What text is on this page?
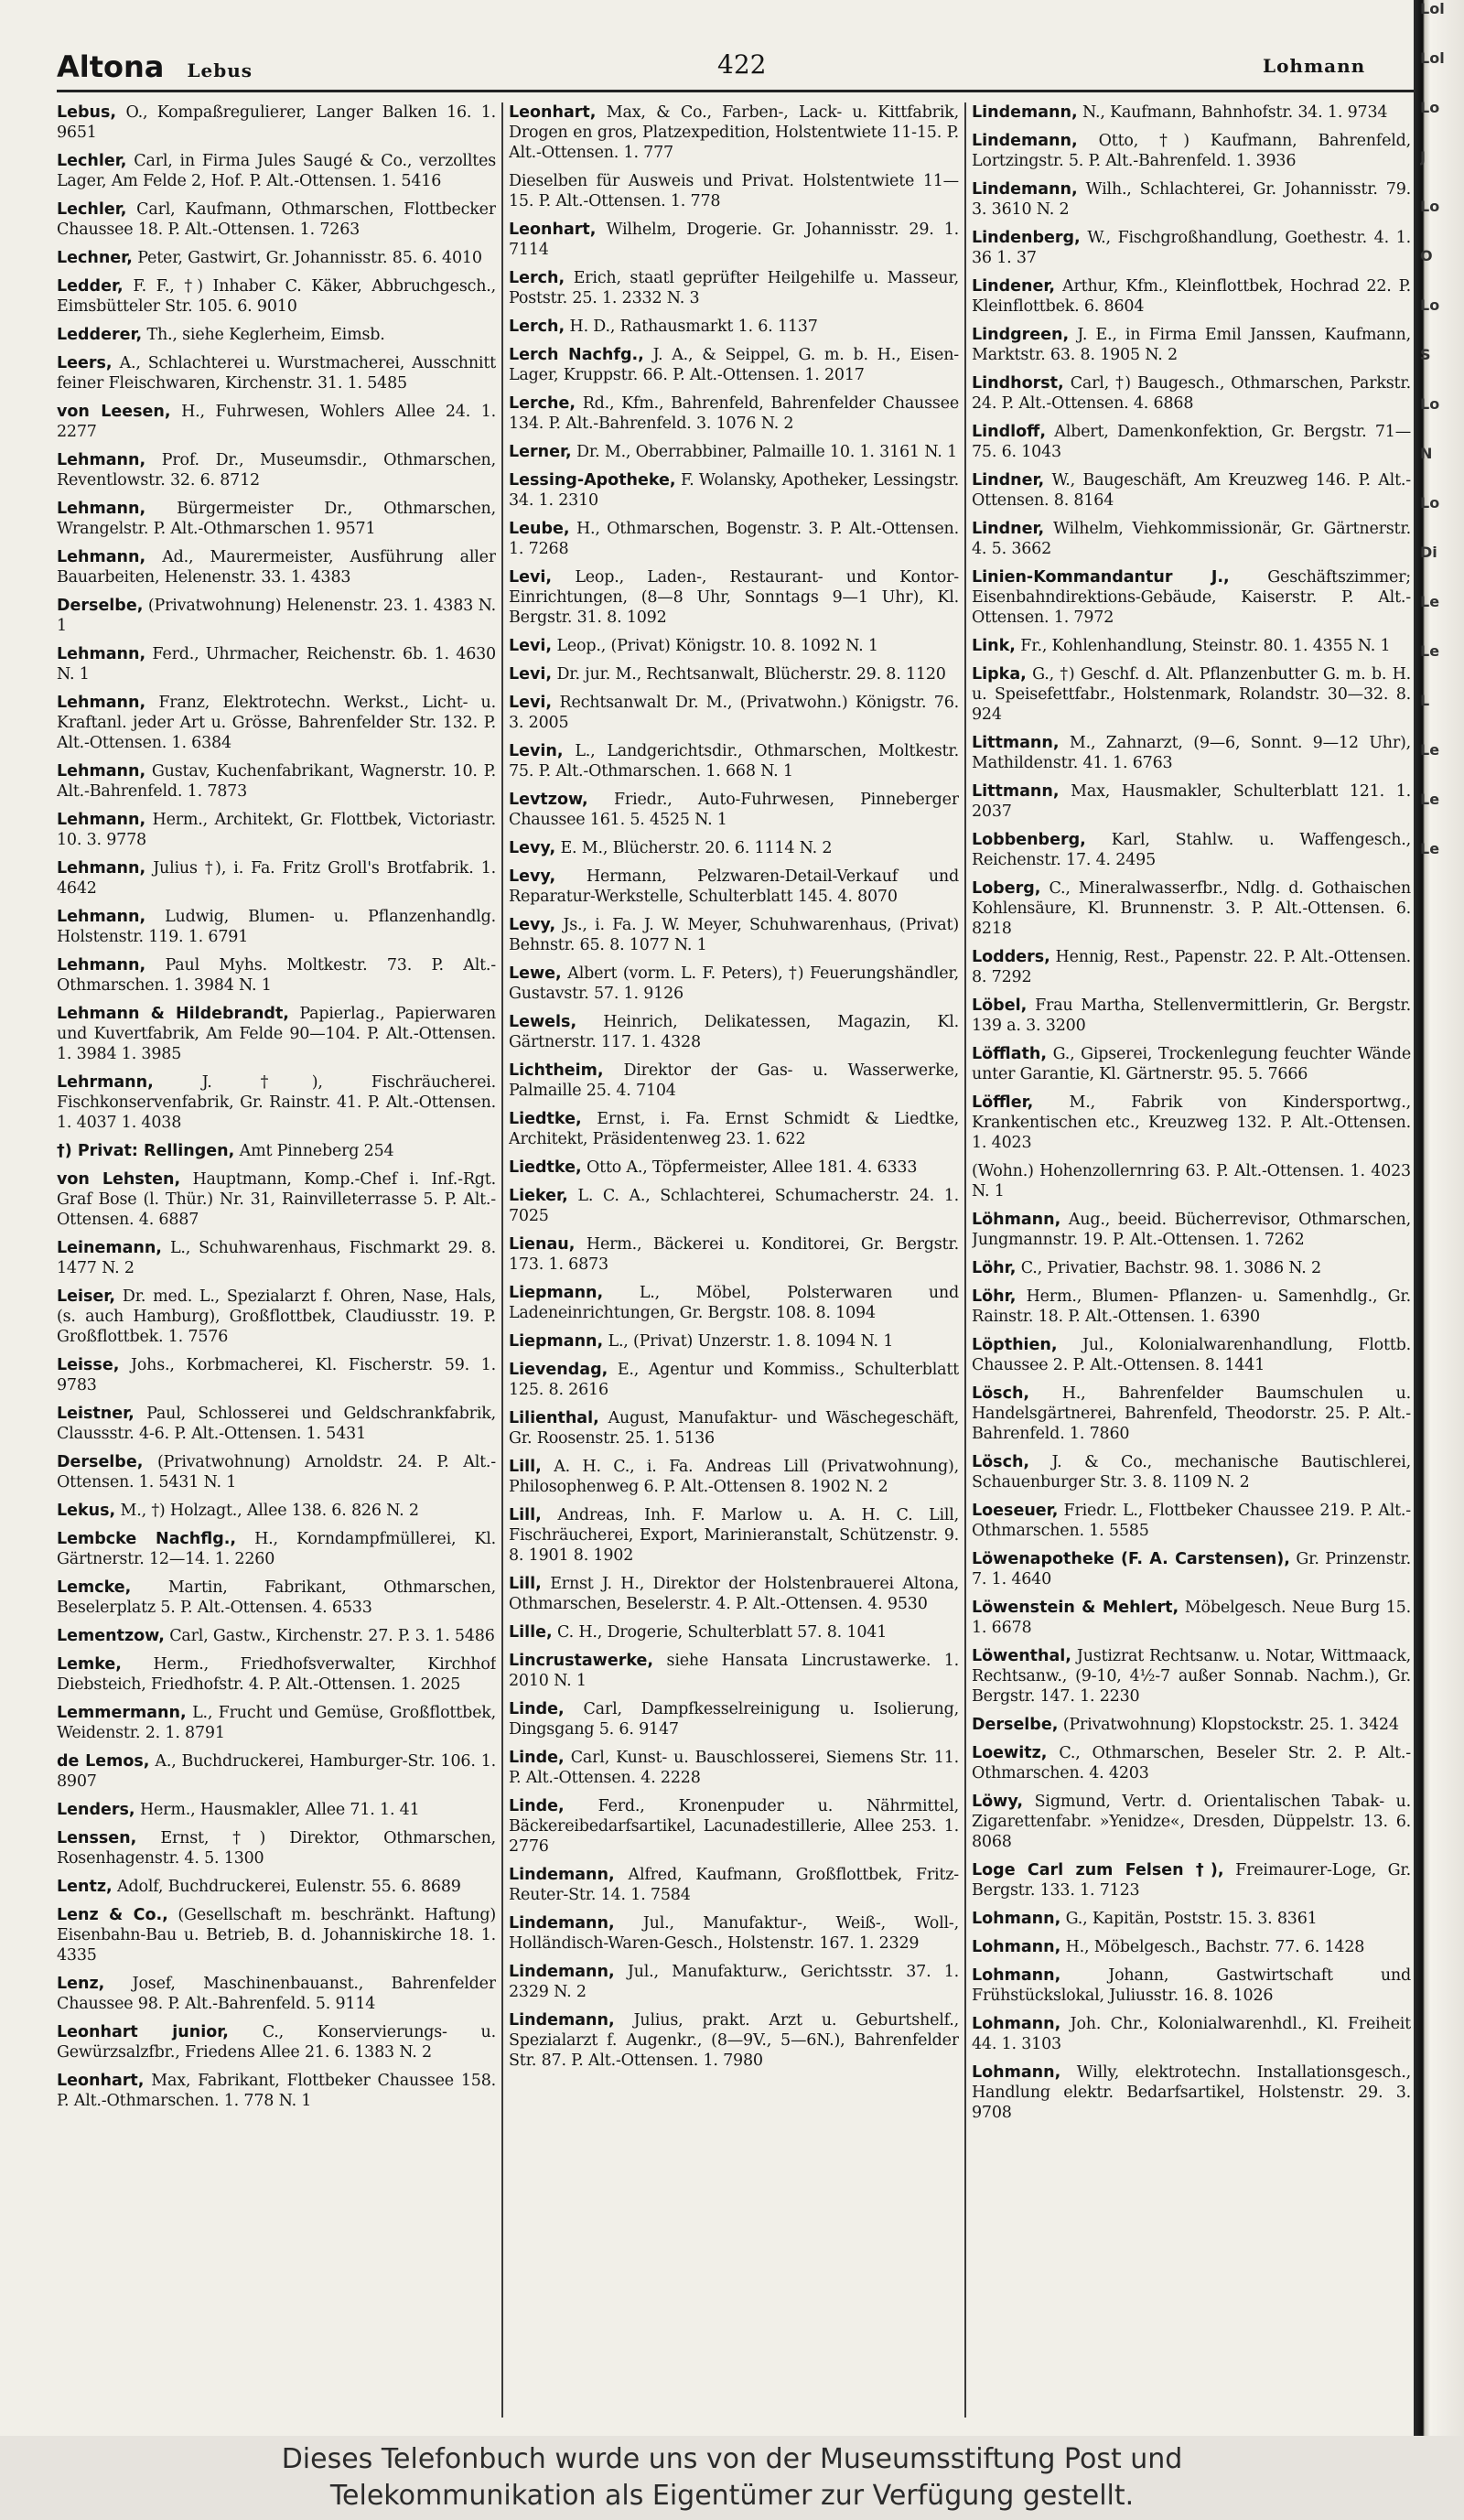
Altona Lebus	422	Lohmann
Lebus, O., Kompaßregulierer, Langer Balken 16. 1. 9651
Lechler, Carl, in Firma Jules Saugé & Co., verzolltes Lager, Am Felde 2, Hof. P. Alt.-Ottensen. 1. 5416
Lechler, Carl, Kaufmann, Othmarschen, Flottbecker Chaussee 18. P. Alt.-Ottensen. 1. 7263
Lechner, Peter, Gastwirt, Gr. Johannisstr. 85. 6. 4010
Ledder, F. F., †) Inhaber C. Käker, Abbruchgesch., Eimsbütteler Str. 105. 6. 9010
Ledderer, Th., siehe Keglerheim, Eimsb.
Leers, A., Schlachterei u. Wurstmacherei, Ausschnitt feiner Fleischwaren, Kirchenstr. 31. 1. 5485
von Leesen, H., Fuhrwesen, Wohlers Allee 24. 1. 2277
Lehmann, Prof. Dr., Museumsdir., Othmarschen, Reventlowstr. 32. 6. 8712
Lehmann, Bürgermeister Dr., Othmarschen, Wrangelstr. P. Alt.-Othmarschen 1. 9571
Lehmann, Ad., Maurermeister, Ausführung aller Bauarbeiten, Helenenstr. 33. 1. 4383
Derselbe, (Privatwohnung) Helenenstr. 23. 1. 4383 N. 1
Lehmann, Ferd., Uhrmacher, Reichenstr. 6b. 1. 4630 N. 1
Lehmann, Franz, Elektrotechn. Werkst., Licht- u. Kraftanl. jeder Art u. Grösse, Bahrenfelder Str. 132. P. Alt.-Ottensen. 1. 6384
Lehmann, Gustav, Kuchenfabrikant, Wagnerstr. 10. P. Alt.-Bahrenfeld. 1. 7873
Lehmann, Herm., Architekt, Gr. Flottbek, Victoriastr. 10. 3. 9778
Lehmann, Julius †), i. Fa. Fritz Groll's Brotfabrik. 1. 4642
Lehmann, Ludwig, Blumen- u. Pflanzenhandlg. Holstenstr. 119. 1. 6791
Lehmann, Paul Myhs. Moltkestr. 73. P. Alt.-Othmarschen. 1. 3984 N. 1
Lehmann & Hildebrandt, Papierlag., Papierwaren und Kuvertfabrik, Am Felde 90—104. P. Alt.-Ottensen. 1. 3984 1. 3985
Lehrmann, J. †), Fischräucherei. Fischkonservenfabrik, Gr. Rainstr. 41. P. Alt.-Ottensen. 1. 4037 1. 4038
†) Privat: Rellingen, Amt Pinneberg 254
von Lehsten, Hauptmann, Komp.-Chef i. Inf.-Rgt. Graf Bose (l. Thür.) Nr. 31, Rainvilleterrasse 5. P. Alt.-Ottensen. 4. 6887
Leinemann, L., Schuhwarenhaus, Fischmarkt 29. 8. 1477 N. 2
Leiser, Dr. med. L., Spezialarzt f. Ohren, Nase, Hals, (s. auch Hamburg), Großflottbek, Claudiusstr. 19. P. Großflottbek. 1. 7576
Leisse, Johs., Korbmacherei, Kl. Fischerstr. 59. 1. 9783
Leistner, Paul, Schlosserei und Geldschrankfabrik, Claussstr. 4-6. P. Alt.-Ottensen. 1. 5431
Derselbe, (Privatwohnung) Arnoldstr. 24. P. Alt.-Ottensen. 1. 5431 N. 1
Lekus, M., †) Holzagt., Allee 138. 6. 826 N. 2
Lembcke Nachflg., H., Korndampfmüllerei, Kl. Gärtnerstr. 12—14. 1. 2260
Lemcke, Martin, Fabrikant, Othmarschen, Beselerplatz 5. P. Alt.-Ottensen. 4. 6533
Lementzow, Carl, Gastw., Kirchenstr. 27. P. 3. 1. 5486
Lemke, Herm., Friedhofsverwalter, Kirchhof Diebsteich, Friedhofstr. 4. P. Alt.-Ottensen. 1. 2025
Lemmermann, L., Frucht und Gemüse, Großflottbek, Weidenstr. 2. 1. 8791
de Lemos, A., Buchdruckerei, Hamburger-Str. 106. 1. 8907
Lenders, Herm., Hausmakler, Allee 71. 1. 41
Lenssen, Ernst, †) Direktor, Othmarschen, Rosenhagenstr. 4. 5. 1300
Lentz, Adolf, Buchdruckerei, Eulenstr. 55. 6. 8689
Lenz & Co., (Gesellschaft m. beschränkt. Haftung) Eisenbahn-Bau u. Betrieb, B. d. Johanniskirche 18. 1. 4335
Lenz, Josef, Maschinenbauanst., Bahrenfelder Chaussee 98. P. Alt.-Bahrenfeld. 5. 9114
Leonhart junior, C., Konservierungs- u. Gewürzsalzfbr., Friedens Allee 21. 6. 1383 N. 2
Leonhart, Max, Fabrikant, Flottbeker Chaussee 158. P. Alt.-Othmarschen. 1. 778 N. 1
Leonhart, Max, & Co., Farben-, Lack- u. Kittfabrik, Drogen en gros, Platzexpedition, Holstentwiete 11-15. P. Alt.-Ottensen. 1. 777
Dieselben für Ausweis und Privat. Holstentwiete 11—15. P. Alt.-Ottensen. 1. 778
Leonhart, Wilhelm, Drogerie. Gr. Johannisstr. 29. 1. 7114
Lerch, Erich, staatl geprüfter Heilgehilfe u. Masseur, Poststr. 25. 1. 2332 N. 3
Lerch, H. D., Rathausmarkt 1. 6. 1137
Lerch Nachfg., J. A., & Seippel, G. m. b. H., Eisen-Lager, Kruppstr. 66. P. Alt.-Ottensen. 1. 2017
Lerche, Rd., Kfm., Bahrenfeld, Bahrenfelder Chaussee 134. P. Alt.-Bahrenfeld. 3. 1076 N. 2
Lerner, Dr. M., Oberrabbiner, Palmaille 10. 1. 3161 N. 1
Lessing-Apotheke, F. Wolansky, Apotheker, Lessingstr. 34. 1. 2310
Leube, H., Othmarschen, Bogenstr. 3. P. Alt.-Ottensen. 1. 7268
Levi, Leop., Laden-, Restaurant- und Kontor-Einrichtungen, (8—8 Uhr, Sonntags 9—1 Uhr), Kl. Bergstr. 31. 8. 1092
Levi, Leop., (Privat) Königstr. 10. 8. 1092 N. 1
Levi, Dr. jur. M., Rechtsanwalt, Blücherstr. 29. 8. 1120
Levi, Rechtsanwalt Dr. M., (Privatwohn.) Königstr. 76. 3. 2005
Levin, L., Landgerichtsdir., Othmarschen, Moltkestr. 75. P. Alt.-Othmarschen. 1. 668 N. 1
Levtzow, Friedr., Auto-Fuhrwesen, Pinneberger Chaussee 161. 5. 4525 N. 1
Levy, E. M., Blücherstr. 20. 6. 1114 N. 2
Levy, Hermann, Pelzwaren-Detail-Verkauf und Reparatur-Werkstelle, Schulterblatt 145. 4. 8070
Levy, Js., i. Fa. J. W. Meyer, Schuhwarenhaus, (Privat) Behnstr. 65. 8. 1077 N. 1
Lewe, Albert (vorm. L. F. Peters), †) Feuerungshändler, Gustavstr. 57. 1. 9126
Lewels, Heinrich, Delikatessen, Magazin, Kl. Gärtnerstr. 117. 1. 4328
Lichtheim, Direktor der Gas- u. Wasserwerke, Palmaille 25. 4. 7104
Liedtke, Ernst, i. Fa. Ernst Schmidt & Liedtke, Architekt, Präsidentenweg 23. 1. 622
Liedtke, Otto A., Töpfermeister, Allee 181. 4. 6333
Lieker, L. C. A., Schlachterei, Schumacherstr. 24. 1. 7025
Lienau, Herm., Bäckerei u. Konditorei, Gr. Bergstr. 173. 1. 6873
Liepmann, L., Möbel, Polsterwaren und Ladeneinrichtungen, Gr. Bergstr. 108. 8. 1094
Liepmann, L., (Privat) Unzerstr. 1. 8. 1094 N. 1
Lievendag, E., Agentur und Kommiss., Schulterblatt 125. 8. 2616
Lilienthal, August, Manufaktur- und Wäschegeschäft, Gr. Roosenstr. 25. 1. 5136
Lill, A. H. C., i. Fa. Andreas Lill (Privatwohnung), Philosophenweg 6. P. Alt.-Ottensen 8. 1902 N. 2
Lill, Andreas, Inh. F. Marlow u. A. H. C. Lill, Fischräucherei, Export, Marinieranstalt, Schützenstr. 9. 8. 1901 8. 1902
Lill, Ernst J. H., Direktor der Holstenbrauerei Altona, Othmarschen, Beselerstr. 4. P. Alt.-Ottensen. 4. 9530
Lille, C. H., Drogerie, Schulterblatt 57. 8. 1041
Lincrustawerke, siehe Hansata Lincrustawerke. 1. 2010 N. 1
Linde, Carl, Dampfkesselreinigung u. Isolierung, Dingsgang 5. 6. 9147
Linde, Carl, Kunst- u. Bauschlosserei, Siemens Str. 11. P. Alt.-Ottensen. 4. 2228
Linde, Ferd., Kronenpuder u. Nährmittel, Bäckereibedarfsartikel, Lacunadestillerie, Allee 253. 1. 2776
Lindemann, Alfred, Kaufmann, Großflottbek, Fritz-Reuter-Str. 14. 1. 7584
Lindemann, Jul., Manufaktur-, Weiß-, Woll-, Holländisch-Waren-Gesch., Holstenstr. 167. 1. 2329
Lindemann, Jul., Manufakturw., Gerichtsstr. 37. 1. 2329 N. 2
Lindemann, Julius, prakt. Arzt u. Geburtshelf., Spezialarzt f. Augenkr., (8—9V., 5—6N.), Bahrenfelder Str. 87. P. Alt.-Ottensen. 1. 7980
Lindemann, N., Kaufmann, Bahnhofstr. 34. 1. 9734
Lindemann, Otto, †) Kaufmann, Bahrenfeld, Lortzingstr. 5. P. Alt.-Bahrenfeld. 1. 3936
Lindemann, Wilh., Schlachterei, Gr. Johannisstr. 79. 3. 3610 N. 2
Lindenberg, W., Fischgroßhandlung, Goethestr. 4. 1. 36 1. 37
Lindener, Arthur, Kfm., Kleinflottbek, Hochrad 22. P. Kleinflottbek. 6. 8604
Lindgreen, J. E., in Firma Emil Janssen, Kaufmann, Marktstr. 63. 8. 1905 N. 2
Lindhorst, Carl, †) Baugesch., Othmarschen, Parkstr. 24. P. Alt.-Ottensen. 4. 6868
Lindloff, Albert, Damenkonfektion, Gr. Bergstr. 71—75. 6. 1043
Lindner, W., Baugeschäft, Am Kreuzweg 146. P. Alt.-Ottensen. 8. 8164
Lindner, Wilhelm, Viehkommissionär, Gr. Gärtnerstr. 4. 5. 3662
Linien-Kommandantur J., Geschäftszimmer; Eisenbahndirektions-Gebäude, Kaiserstr. P. Alt.-Ottensen. 1. 7972
Link, Fr., Kohlenhandlung, Steinstr. 80. 1. 4355 N. 1
Lipka, G., †) Geschf. d. Alt. Pflanzenbutter G. m. b. H. u. Speisefettfabr., Holstenmark, Rolandstr. 30—32. 8. 924
Littmann, M., Zahnarzt, (9—6, Sonnt. 9—12 Uhr), Mathildenstr. 41. 1. 6763
Littmann, Max, Hausmakler, Schulterblatt 121. 1. 2037
Lobbenberg, Karl, Stahlw. u. Waffengesch., Reichenstr. 17. 4. 2495
Loberg, C., Mineralwasserfbr., Ndlg. d. Gothaischen Kohlensäure, Kl. Brunnenstr. 3. P. Alt.-Ottensen. 6. 8218
Lodders, Hennig, Rest., Papenstr. 22. P. Alt.-Ottensen. 8. 7292
Löbel, Frau Martha, Stellenvermittlerin, Gr. Bergstr. 139 a. 3. 3200
Löfflath, G., Gipserei, Trockenlegung feuchter Wände unter Garantie, Kl. Gärtnerstr. 95. 5. 7666
Löffler, M., Fabrik von Kindersportwg., Krankentischen etc., Kreuzweg 132. P. Alt.-Ottensen. 1. 4023
(Wohn.) Hohenzollernring 63. P. Alt.-Ottensen. 1. 4023 N. 1
Löhmann, Aug., beeid. Bücherrevisor, Othmarschen, Jungmannstr. 19. P. Alt.-Ottensen. 1. 7262
Löhr, C., Privatier, Bachstr. 98. 1. 3086 N. 2
Löhr, Herm., Blumen- Pflanzen- u. Samenhdlg., Gr. Rainstr. 18. P. Alt.-Ottensen. 1. 6390
Löpthien, Jul., Kolonialwarenhandlung, Flottb. Chaussee 2. P. Alt.-Ottensen. 8. 1441
Lösch, H., Bahrenfelder Baumschulen u. Handelsgärtnerei, Bahrenfeld, Theodorstr. 25. P. Alt.-Bahrenfeld. 1. 7860
Lösch, J. & Co., mechanische Bautischlerei, Schauenburger Str. 3. 8. 1109 N. 2
Loeseuer, Friedr. L., Flottbeker Chaussee 219. P. Alt.-Othmarschen. 1. 5585
Löwenapotheke (F. A. Carstensen), Gr. Prinzenstr. 7. 1. 4640
Löwenstein & Mehlert, Möbelgesch. Neue Burg 15. 1. 6678
Löwenthal, Justizrat Rechtsanw. u. Notar, Wittmaack, Rechtsanw., (9-10, 4½-7 außer Sonnab. Nachm.), Gr. Bergstr. 147. 1. 2230
Derselbe, (Privatwohnung) Klopstockstr. 25. 1. 3424
Loewitz, C., Othmarschen, Beseler Str. 2. P. Alt.-Othmarschen. 4. 4203
Löwy, Sigmund, Vertr. d. Orientalischen Tabak- u. Zigarettenfabr. »Yenidze«, Dresden, Düppelstr. 13. 6. 8068
Loge Carl zum Felsen †), Freimaurer-Loge, Gr. Bergstr. 133. 1. 7123
Lohmann, G., Kapitän, Poststr. 15. 3. 8361
Lohmann, H., Möbelgesch., Bachstr. 77. 6. 1428
Lohmann, Johann, Gastwirtschaft und Frühstückslokal, Juliusstr. 16. 8. 1026
Lohmann, Joh. Chr., Kolonialwarenhdl., Kl. Freiheit 44. 1. 3103
Lohmann, Willy, elektrotechn. Installationsgesch., Handlung elektr. Bedarfsartikel, Holstenstr. 29. 3. 9708
Lol
Lol
Lo
J
Lo
O
Lo
S
Lo
N
Lo
Di
Le
Le
L
Le
Le
Le
Dieses Telefonbuch wurde uns von der Museumsstiftung Post und
Telekommunikation als Eigentümer zur Verfügung gestellt.
